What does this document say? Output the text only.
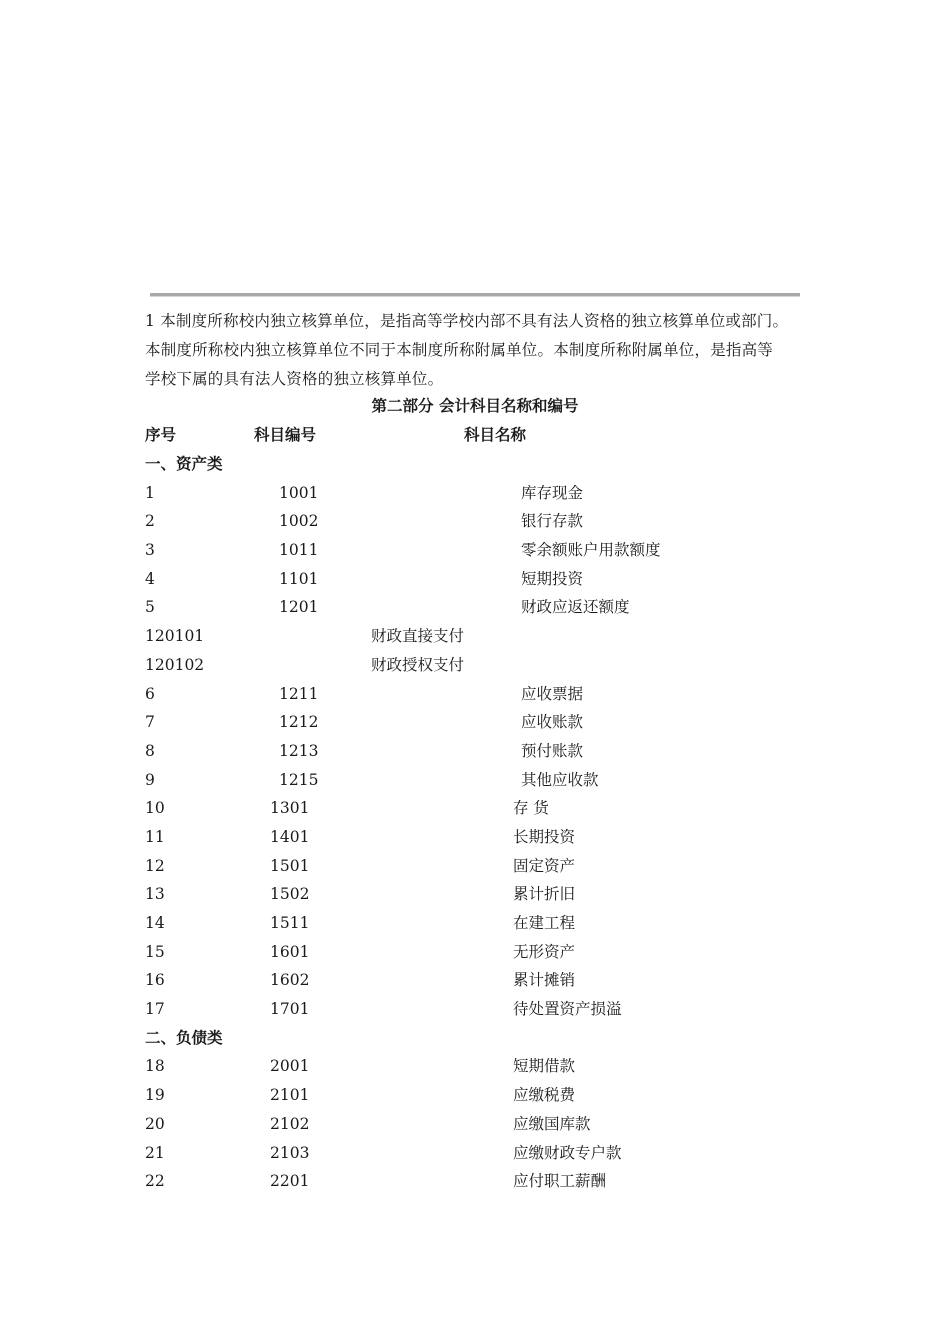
1 本制度所称校内独立核算单位，是指高等学校内部不具有法人资格的独立核算单位或部门。
本制度所称校内独立核算单位不同于本制度所称附属单位。本制度所称附属单位，是指高等
学校下属的具有法人资格的独立核算单位。
第二部分 会计科目名称和编号
序号	科目编号	科目名称
一、资产类
1	1001	库存现金
2	1002	银行存款
3	1011	零余额账户用款额度
4	1101	短期投资
5	1201	财政应返还额度
120101	财政直接支付
120102	财政授权支付
6	1211	应收票据
7	1212	应收账款
8	1213	预付账款
9	1215	其他应收款
10	1301	存 货
11	1401	长期投资
12	1501	固定资产
13	1502	累计折旧
14	1511	在建工程
15	1601	无形资产
16	1602	累计摊销
17	1701	待处置资产损溢
二、负债类
18	2001	短期借款
19	2101	应缴税费
20	2102	应缴国库款
21	2103	应缴财政专户款
22	2201	应付职工薪酬
